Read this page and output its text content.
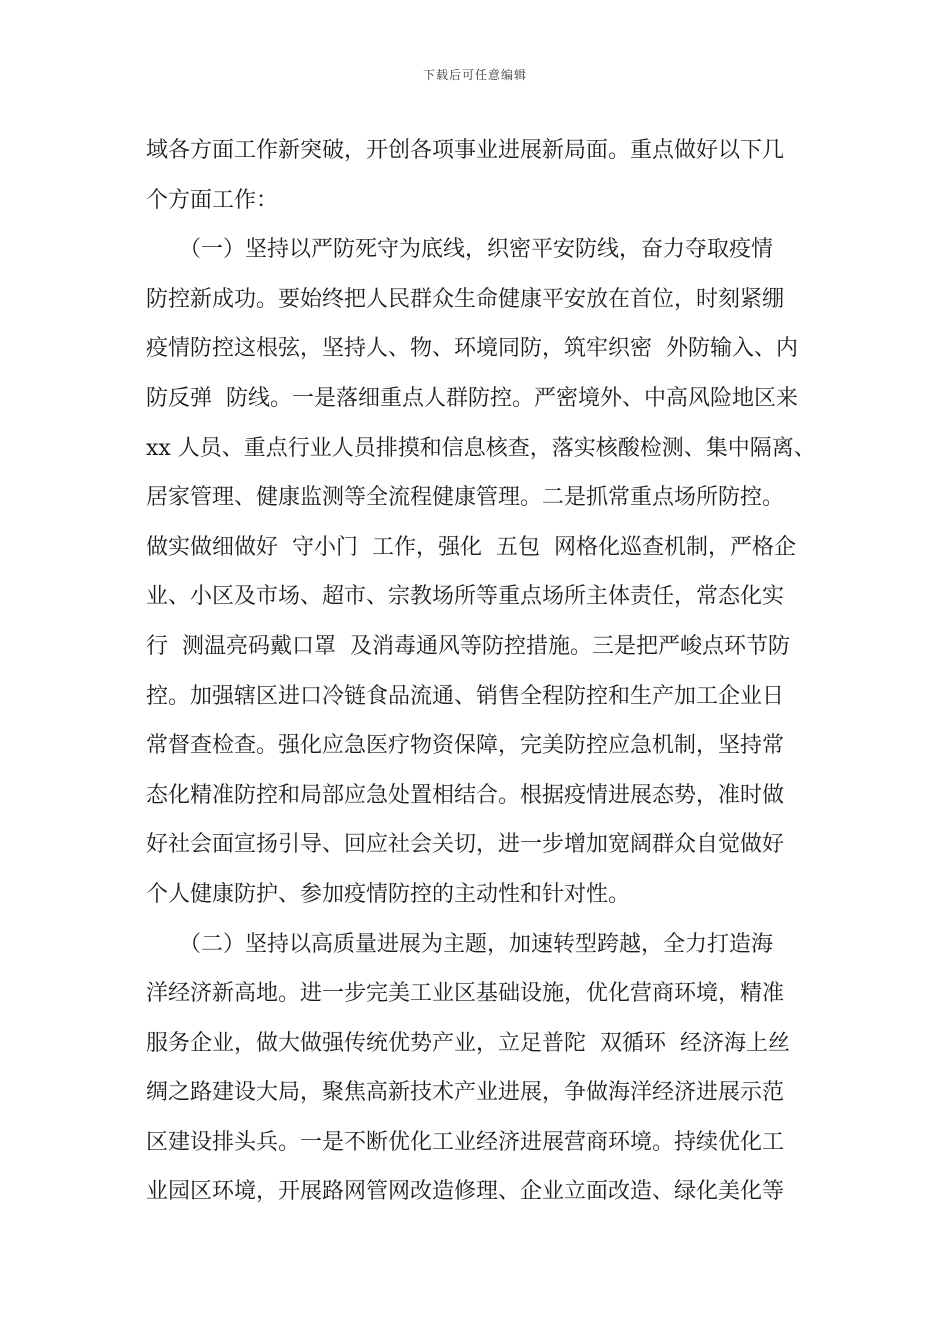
下载后可任意编辑
域各方面工作新突破，开创各项事业进展新局面。重点做好以下几
个方面工作：
　　（一）坚持以严防死守为底线，织密平安防线，奋力夺取疫情
防控新成功。要始终把人民群众生命健康平安放在首位，时刻紧绷
疫情防控这根弦，坚持人、物、环境同防，筑牢织密  外防输入、内
防反弹  防线。一是落细重点人群防控。严密境外、中高风险地区来
xx 人员、重点行业人员排摸和信息核查，落实核酸检测、集中隔离、
居家管理、健康监测等全流程健康管理。二是抓常重点场所防控。
做实做细做好  守小门  工作，强化  五包  网格化巡查机制，严格企
业、小区及市场、超市、宗教场所等重点场所主体责任，常态化实
行  测温亮码戴口罩  及消毒通风等防控措施。三是把严峻点环节防
控。加强辖区进口冷链食品流通、销售全程防控和生产加工企业日
常督查检查。强化应急医疗物资保障，完美防控应急机制，坚持常
态化精准防控和局部应急处置相结合。根据疫情进展态势，准时做
好社会面宣扬引导、回应社会关切，进一步增加宽阔群众自觉做好
个人健康防护、参加疫情防控的主动性和针对性。
　　（二）坚持以高质量进展为主题，加速转型跨越，全力打造海
洋经济新高地。进一步完美工业区基础设施，优化营商环境，精准
服务企业，做大做强传统优势产业，立足普陀  双循环  经济海上丝
绸之路建设大局，聚焦高新技术产业进展，争做海洋经济进展示范
区建设排头兵。一是不断优化工业经济进展营商环境。持续优化工
业园区环境，开展路网管网改造修理、企业立面改造、绿化美化等
